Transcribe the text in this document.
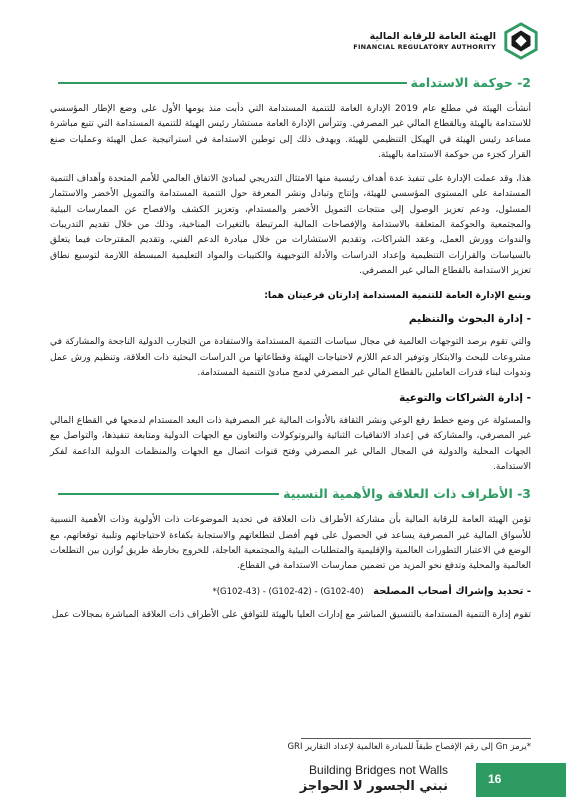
الهيئة العامة للرقابة المالية
FINANCIAL REGULATORY AUTHORITY
2- حوكمة الاستدامة

أنشأت الهيئة في مطلع عام 2019 الإدارة العامة للتنمية المستدامة التي دأبت منذ يومها الأول على وضع الإطار المؤسسي للاستدامة بالهيئة وبالقطاع المالي غير المصرفي. وتترأس الإدارة العامة مستشار رئيس الهيئة للتنمية المستدامة التي تتبع مباشرة مساعد رئيس الهيئة في الهيكل التنظيمي للهيئة. ويهدف ذلك إلى توطين الاستدامة في استراتيجية عمل الهيئة وعمليات صنع القرار كجزء من حوكمة الاستدامة بالهيئة.

هذا، وقد عملت الإدارة على تنفيذ عدة أهداف رئيسية منها الامتثال التدريجي لمبادئ الاتفاق العالمي للأمم المتحدة وأهداف التنمية المستدامة على المستوى المؤسسي للهيئة، وإنتاج وتبادل ونشر المعرفة حول التنمية المستدامة والتمويل الأخضر والاستثمار المسئول، ودعم تعزيز الوصول إلى منتجات التمويل الأخضر والمستدام، وتعزيز الكشف والافصاح عن الممارسات البيئية والمجتمعية والحوكمة المتعلقة بالاستدامة والإفصاحات المالية المرتبطة بالتغيرات المناخية، وذلك من خلال تقديم التدريبات والندوات وورش العمل، وعقد الشراكات، وتقديم الاستشارات من خلال مبادرة الدعم الفني، وتقديم المقترحات فيما يتعلق بالسياسات والقرارات التنظيمية وإعداد الدراسات والأدلة التوجيهية والكتيبات والمواد التعليمية المبسطة اللازمة لتوسيع نطاق تعزيز الاستدامة بالقطاع المالي غير المصرفي.

ويتبع الإدارة العامة للتنمية المستدامة إدارتان فرعيتان هما:

- إدارة البحوث والتنظيم

والتي تقوم برصد التوجهات العالمية في مجال سياسات التنمية المستدامة والاستفادة من التجارب الدولية الناجحة والمشاركة في مشروعات للبحث والابتكار وتوفير الدعم اللازم لاحتياجات الهيئة وقطاعاتها من الدراسات البحثية ذات العلاقة، وتنظيم ورش عمل وندوات لبناء قدرات العاملين بالقطاع المالي غير المصرفي لدمج مبادئ التنمية المستدامة.

- إدارة الشراكات والتوعية

والمسئولة عن وضع خطط رفع الوعي ونشر الثقافة بالأدوات المالية غير المصرفية ذات البعد المستدام لدمجها في القطاع المالي غير المصرفي، والمشاركة في إعداد الاتفاقيات الثنائية والبروتوكولات والتعاون مع الجهات الدولية ومتابعة تنفيذها، والتواصل مع الجهات المحلية والدولية في المجال المالي غير المصرفي وفتح قنوات اتصال مع الجهات والمنظمات الدولية الداعمة لفكر الاستدامة.

3- الأطراف ذات العلاقة والأهمية النسبية

تؤمن الهيئة العامة للرقابة المالية بأن مشاركة الأطراف ذات العلاقة في تحديد الموضوعات ذات الأولوية وذات الأهمية النسبية للأسواق المالية غير المصرفية يساعد في الحصول على فهم أفضل لتطلعاتهم والاستجابة بكفاءة لاحتياجاتهم وتلبية توقعاتهم، مع الوضع في الاعتبار التطورات العالمية والإقليمية والمتطلبات البيئية والمجتمعية العاجلة، للخروج بخارطة طريق تُوازن بين التطلعات العالمية والمحلية وتدفع نحو المزيد من تضمين ممارسات الاستدامة في القطاع.

- تحديد وإشراك أصحاب المصلحة (G102-40) - (G102-42) - (G102-43)*

تقوم إدارة التنمية المستدامة بالتنسيق المباشر مع إدارات العليا بالهيئة للتوافق على الأطراف ذات العلاقة المباشرة بمجالات عمل

*يرمز Gn إلى رقم الإفصاح طبقاً للمبادرة العالمية لإعداد التقارير GRI
16
Building Bridges not Walls
نبني الجسور لا الحواجز
